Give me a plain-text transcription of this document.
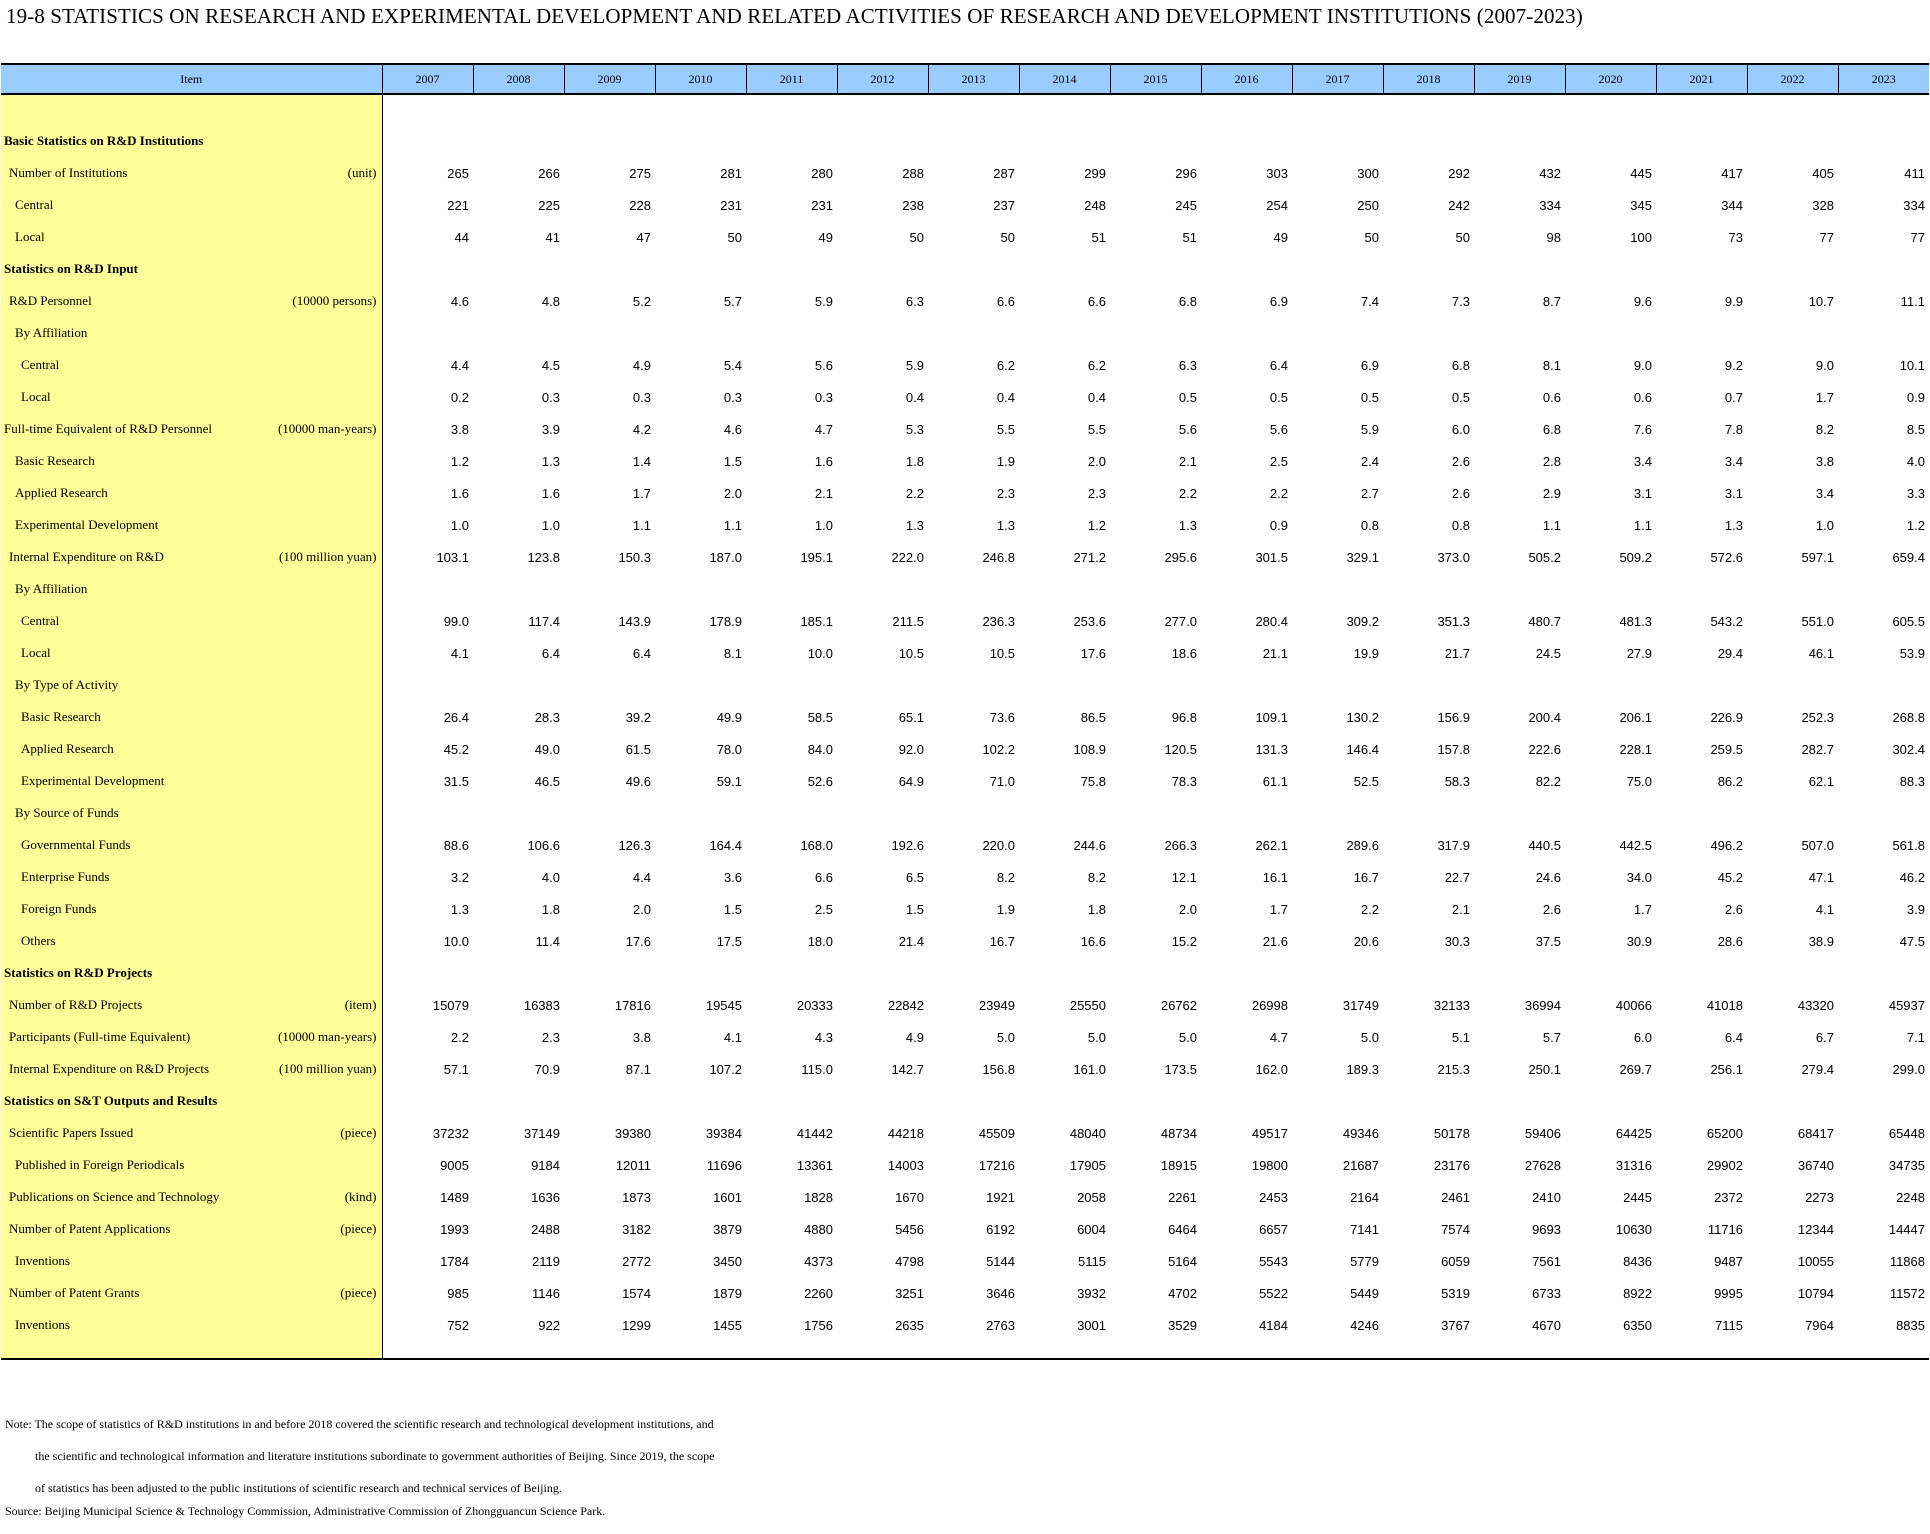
19-8 STATISTICS ON RESEARCH AND EXPERIMENTAL DEVELOPMENT AND RELATED ACTIVITIES OF RESEARCH AND DEVELOPMENT INSTITUTIONS (2007-2023)
Item	2007	2008	2009	2010	2011	2012	2013	2014	2015	2016	2017	2018	2019	2020	2021	2022	2023

Basic Statistics on R&D Institutions																	
Number of Institutions (unit)	265	266	275	281	280	288	287	299	296	303	300	292	432	445	417	405	411
Central	221	225	228	231	231	238	237	248	245	254	250	242	334	345	344	328	334
Local	44	41	47	50	49	50	50	51	51	49	50	50	98	100	73	77	77
Statistics on R&D Input																	
R&D Personnel (10000 persons)	4.6	4.8	5.2	5.7	5.9	6.3	6.6	6.6	6.8	6.9	7.4	7.3	8.7	9.6	9.9	10.7	11.1
By Affiliation																	
Central	4.4	4.5	4.9	5.4	5.6	5.9	6.2	6.2	6.3	6.4	6.9	6.8	8.1	9.0	9.2	9.0	10.1
Local	0.2	0.3	0.3	0.3	0.3	0.4	0.4	0.4	0.5	0.5	0.5	0.5	0.6	0.6	0.7	1.7	0.9
Full-time Equivalent of R&D Personnel (10000 man-years)	3.8	3.9	4.2	4.6	4.7	5.3	5.5	5.5	5.6	5.6	5.9	6.0	6.8	7.6	7.8	8.2	8.5
Basic Research	1.2	1.3	1.4	1.5	1.6	1.8	1.9	2.0	2.1	2.5	2.4	2.6	2.8	3.4	3.4	3.8	4.0
Applied Research	1.6	1.6	1.7	2.0	2.1	2.2	2.3	2.3	2.2	2.2	2.7	2.6	2.9	3.1	3.1	3.4	3.3
Experimental Development	1.0	1.0	1.1	1.1	1.0	1.3	1.3	1.2	1.3	0.9	0.8	0.8	1.1	1.1	1.3	1.0	1.2
Internal Expenditure on R&D (100 million yuan)	103.1	123.8	150.3	187.0	195.1	222.0	246.8	271.2	295.6	301.5	329.1	373.0	505.2	509.2	572.6	597.1	659.4
By Affiliation																	
Central	99.0	117.4	143.9	178.9	185.1	211.5	236.3	253.6	277.0	280.4	309.2	351.3	480.7	481.3	543.2	551.0	605.5
Local	4.1	6.4	6.4	8.1	10.0	10.5	10.5	17.6	18.6	21.1	19.9	21.7	24.5	27.9	29.4	46.1	53.9
By Type of Activity																	
Basic Research	26.4	28.3	39.2	49.9	58.5	65.1	73.6	86.5	96.8	109.1	130.2	156.9	200.4	206.1	226.9	252.3	268.8
Applied Research	45.2	49.0	61.5	78.0	84.0	92.0	102.2	108.9	120.5	131.3	146.4	157.8	222.6	228.1	259.5	282.7	302.4
Experimental Development	31.5	46.5	49.6	59.1	52.6	64.9	71.0	75.8	78.3	61.1	52.5	58.3	82.2	75.0	86.2	62.1	88.3
By Source of Funds																	
Governmental Funds	88.6	106.6	126.3	164.4	168.0	192.6	220.0	244.6	266.3	262.1	289.6	317.9	440.5	442.5	496.2	507.0	561.8
Enterprise Funds	3.2	4.0	4.4	3.6	6.6	6.5	8.2	8.2	12.1	16.1	16.7	22.7	24.6	34.0	45.2	47.1	46.2
Foreign Funds	1.3	1.8	2.0	1.5	2.5	1.5	1.9	1.8	2.0	1.7	2.2	2.1	2.6	1.7	2.6	4.1	3.9
Others	10.0	11.4	17.6	17.5	18.0	21.4	16.7	16.6	15.2	21.6	20.6	30.3	37.5	30.9	28.6	38.9	47.5
Statistics on R&D Projects																	
Number of R&D Projects (item)	15079	16383	17816	19545	20333	22842	23949	25550	26762	26998	31749	32133	36994	40066	41018	43320	45937
Participants (Full-time Equivalent) (10000 man-years)	2.2	2.3	3.8	4.1	4.3	4.9	5.0	5.0	5.0	4.7	5.0	5.1	5.7	6.0	6.4	6.7	7.1
Internal Expenditure on R&D Projects (100 million yuan)	57.1	70.9	87.1	107.2	115.0	142.7	156.8	161.0	173.5	162.0	189.3	215.3	250.1	269.7	256.1	279.4	299.0
Statistics on S&T Outputs and Results																	
Scientific Papers Issued (piece)	37232	37149	39380	39384	41442	44218	45509	48040	48734	49517	49346	50178	59406	64425	65200	68417	65448
Published in Foreign Periodicals	9005	9184	12011	11696	13361	14003	17216	17905	18915	19800	21687	23176	27628	31316	29902	36740	34735
Publications on Science and Technology (kind)	1489	1636	1873	1601	1828	1670	1921	2058	2261	2453	2164	2461	2410	2445	2372	2273	2248
Number of Patent Applications (piece)	1993	2488	3182	3879	4880	5456	6192	6004	6464	6657	7141	7574	9693	10630	11716	12344	14447
Inventions	1784	2119	2772	3450	4373	4798	5144	5115	5164	5543	5779	6059	7561	8436	9487	10055	11868
Number of Patent Grants (piece)	985	1146	1574	1879	2260	3251	3646	3932	4702	5522	5449	5319	6733	8922	9995	10794	11572
Inventions	752	922	1299	1455	1756	2635	2763	3001	3529	4184	4246	3767	4670	6350	7115	7964	8835

Note: The scope of statistics of R&D institutions in and before 2018 covered the scientific research and technological development institutions, and
the scientific and technological information and literature institutions subordinate to government authorities of Beijing. Since 2019, the scope
of statistics has been adjusted to the public institutions of scientific research and technical services of Beijing.
Source: Beijing Municipal Science & Technology Commission, Administrative Commission of Zhongguancun Science Park.
